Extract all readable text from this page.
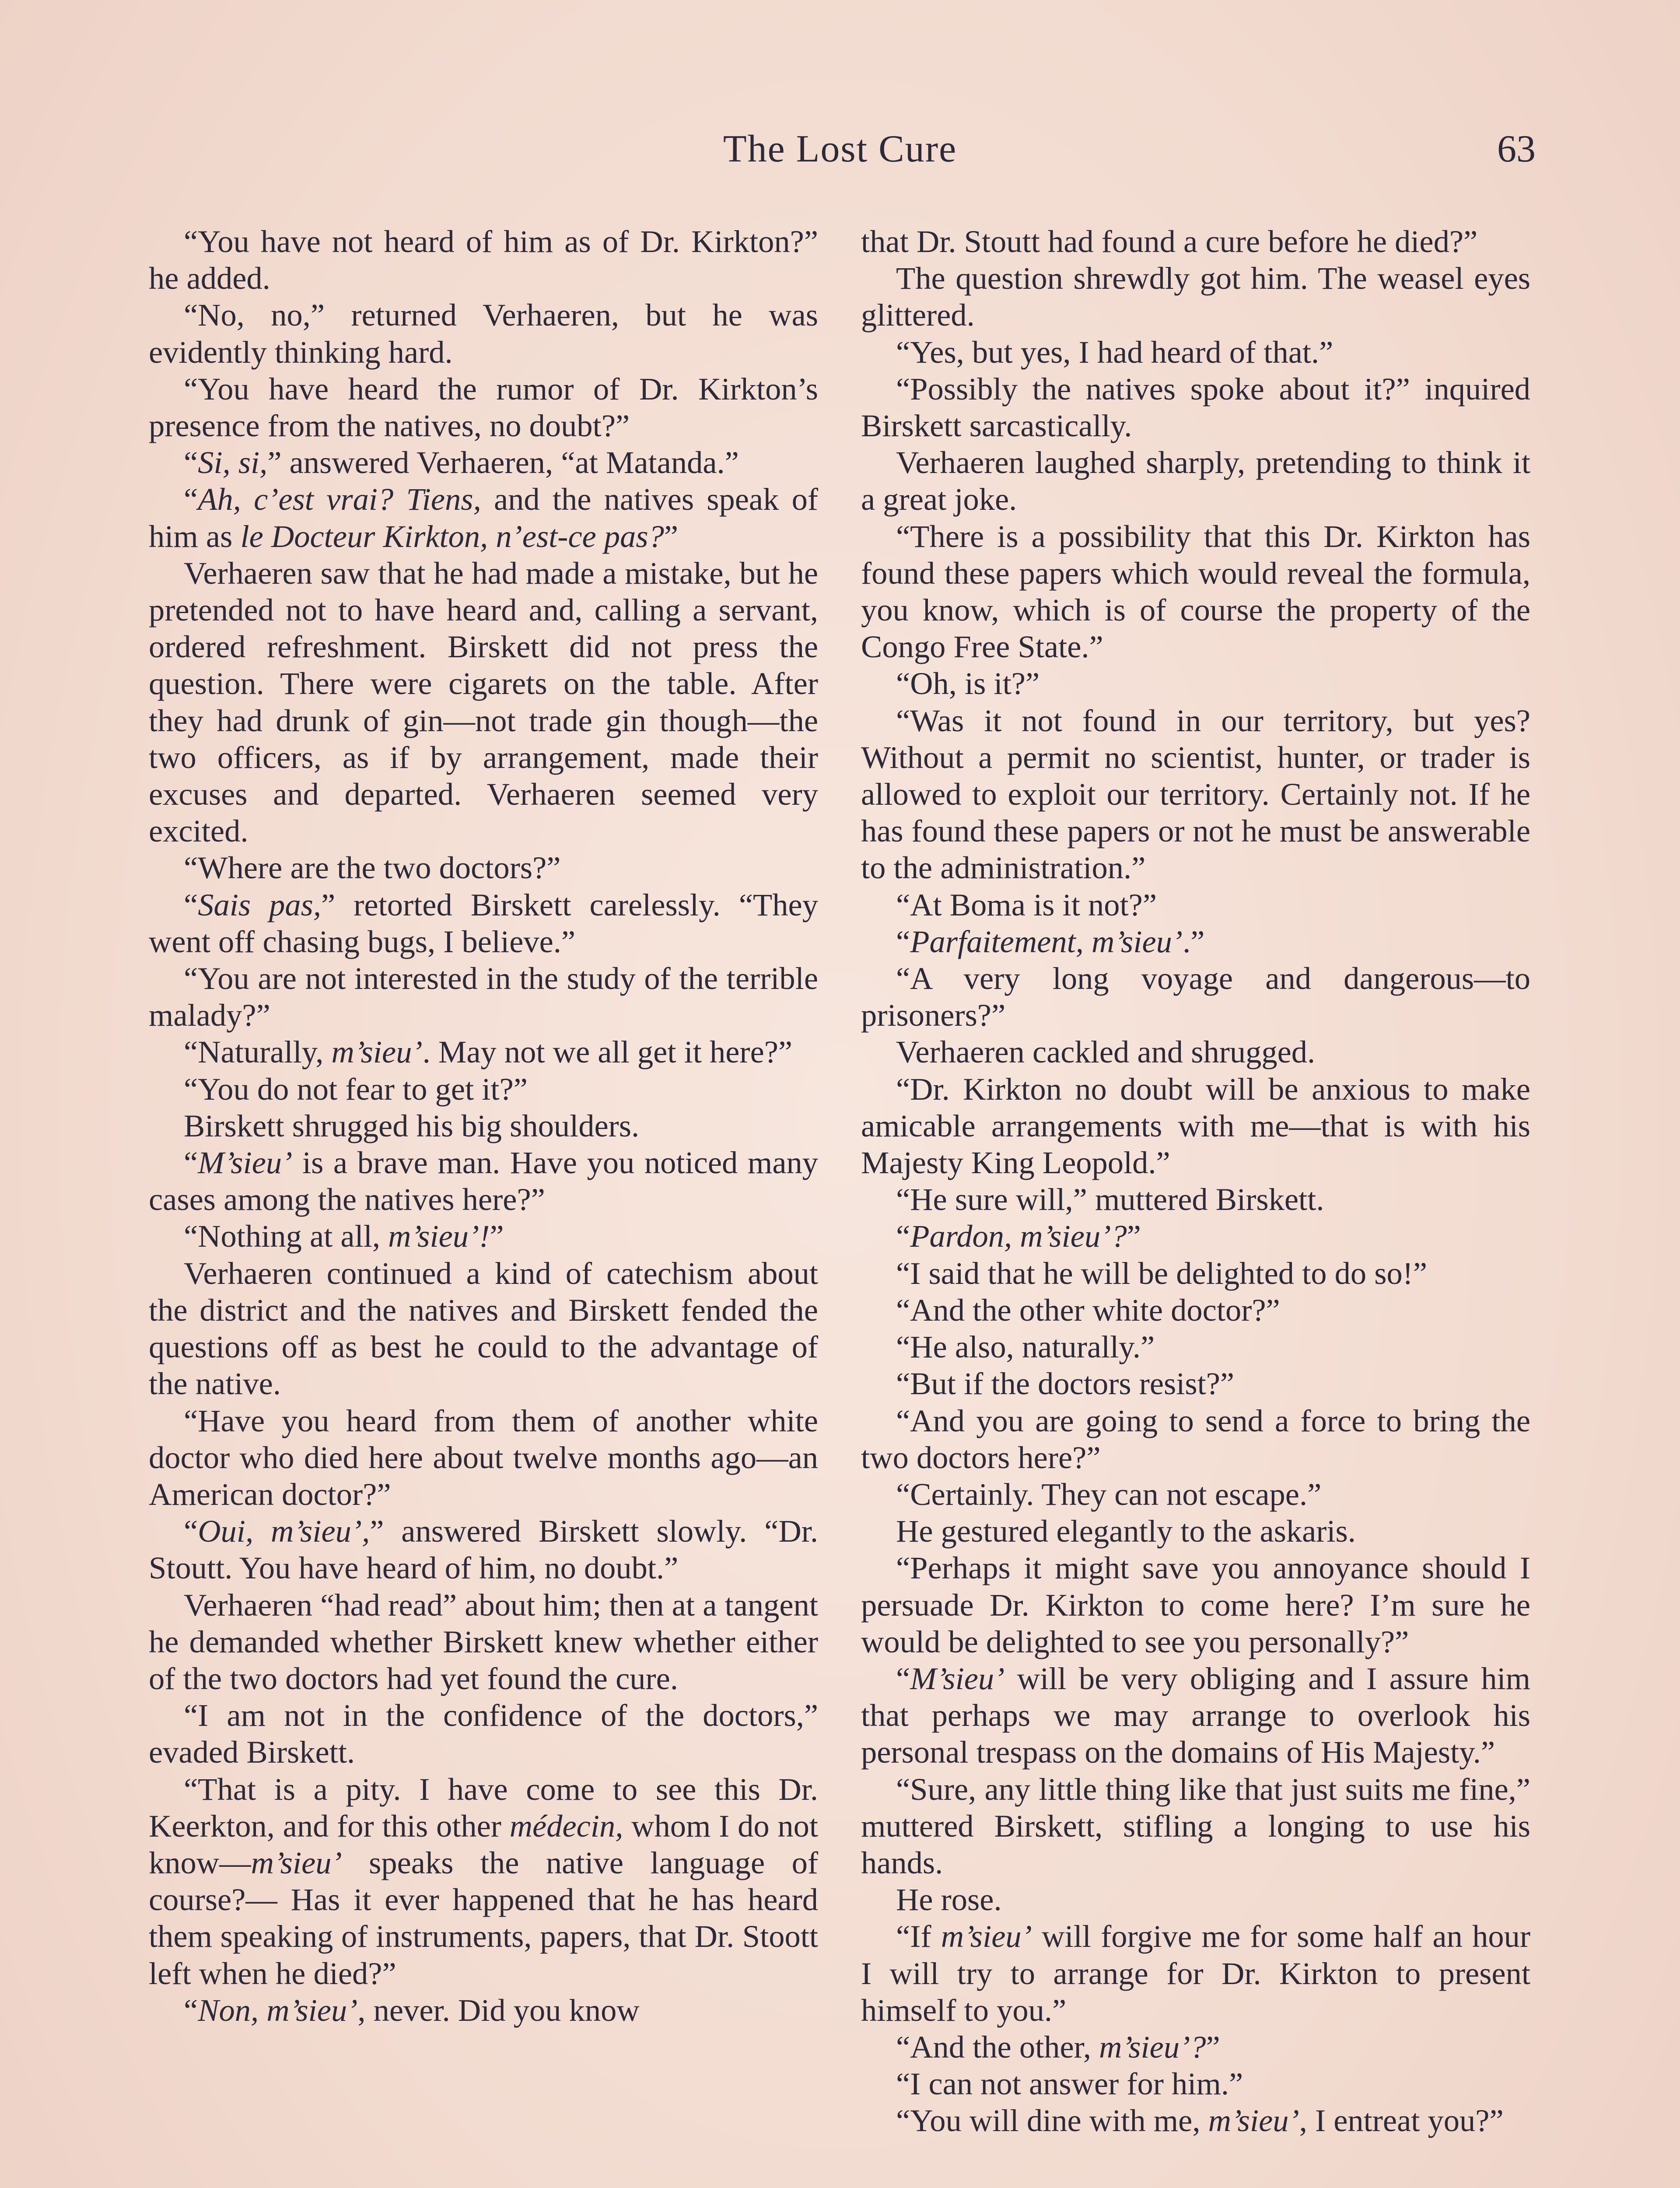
The Lost Cure	63

“You have not heard of him as of Dr. Kirkton?” he added.

“No, no,” returned Verhaeren, but he was evidently thinking hard.

“You have heard the rumor of Dr. Kirkton’s presence from the natives, no doubt?”

“Si, si,” answered Verhaeren, “at Matanda.”

“Ah, c’est vrai? Tiens, and the natives speak of him as le Docteur Kirkton, n’est-ce pas?”

Verhaeren saw that he had made a mistake, but he pretended not to have heard and, calling a servant, ordered refreshment. Birskett did not press the question. There were cigarets on the table. After they had drunk of gin—not trade gin though—the two officers, as if by arrangement, made their excuses and departed. Verhaeren seemed very excited.

“Where are the two doctors?”

“Sais pas,” retorted Birskett carelessly. “They went off chasing bugs, I believe.”

“You are not interested in the study of the terrible malady?”

“Naturally, m’sieu’. May not we all get it here?”

“You do not fear to get it?”

Birskett shrugged his big shoulders.

“M’sieu’ is a brave man. Have you noticed many cases among the natives here?”

“Nothing at all, m’sieu’!”

Verhaeren continued a kind of catechism about the district and the natives and Birskett fended the questions off as best he could to the advantage of the native.

“Have you heard from them of another white doctor who died here about twelve months ago—an American doctor?”

“Oui, m’sieu’,” answered Birskett slowly. “Dr. Stoutt. You have heard of him, no doubt.”

Verhaeren “had read” about him; then at a tangent he demanded whether Birskett knew whether either of the two doctors had yet found the cure.

“I am not in the confidence of the doctors,” evaded Birskett.

“That is a pity. I have come to see this Dr. Keerkton, and for this other médecin, whom I do not know—m’sieu’ speaks the native language of course?— Has it ever happened that he has heard them speaking of instruments, papers, that Dr. Stoott left when he died?”

“Non, m’sieu’, never. Did you know

that Dr. Stoutt had found a cure before he died?”

The question shrewdly got him. The weasel eyes glittered.

“Yes, but yes, I had heard of that.”

“Possibly the natives spoke about it?” inquired Birskett sarcastically.

Verhaeren laughed sharply, pretending to think it a great joke.

“There is a possibility that this Dr. Kirkton has found these papers which would reveal the formula, you know, which is of course the property of the Congo Free State.”

“Oh, is it?”

“Was it not found in our territory, but yes? Without a permit no scientist, hunter, or trader is allowed to exploit our territory. Certainly not. If he has found these papers or not he must be answerable to the administration.”

“At Boma is it not?”

“Parfaitement, m’sieu’.”

“A very long voyage and dangerous—to prisoners?”

Verhaeren cackled and shrugged.

“Dr. Kirkton no doubt will be anxious to make amicable arrangements with me—that is with his Majesty King Leopold.”

“He sure will,” muttered Birskett.

“Pardon, m’sieu’?”

“I said that he will be delighted to do so!”

“And the other white doctor?”

“He also, naturally.”

“But if the doctors resist?”

“And you are going to send a force to bring the two doctors here?”

“Certainly. They can not escape.”

He gestured elegantly to the askaris.

“Perhaps it might save you annoyance should I persuade Dr. Kirkton to come here? I’m sure he would be delighted to see you personally?”

“M’sieu’ will be very obliging and I assure him that perhaps we may arrange to overlook his personal trespass on the domains of His Majesty.”

“Sure, any little thing like that just suits me fine,” muttered Birskett, stifling a longing to use his hands.

He rose.

“If m’sieu’ will forgive me for some half an hour I will try to arrange for Dr. Kirkton to present himself to you.”

“And the other, m’sieu’?”

“I can not answer for him.”

“You will dine with me, m’sieu’, I entreat you?”
